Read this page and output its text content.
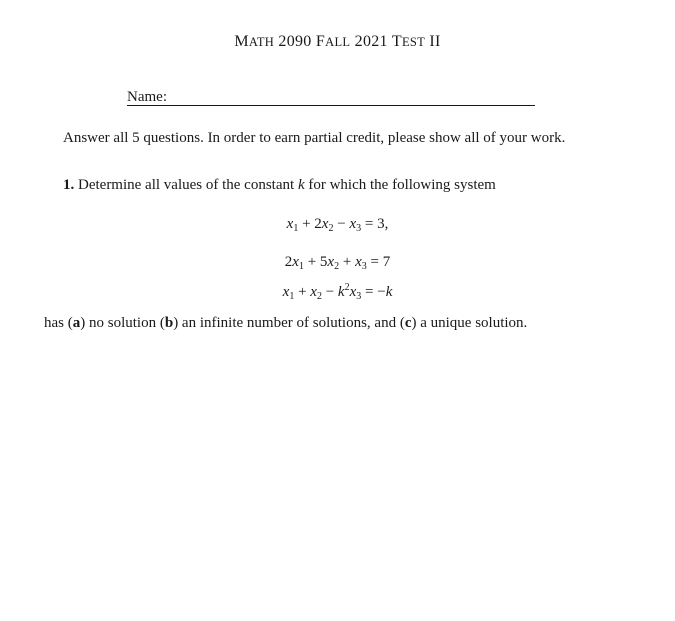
MATH 2090 FALL 2021 TEST II
Name:
Answer all 5 questions. In order to earn partial credit, please show all of your work.
1. Determine all values of the constant k for which the following system
$x_1 + 2x_2 - x_3 = 3$,
$2x_1 + 5x_2 + x_3 = 7$
$x_1 + x_2 - k^2x_3 = -k$
has (a) no solution (b) an infinite number of solutions, and (c) a unique solution.
